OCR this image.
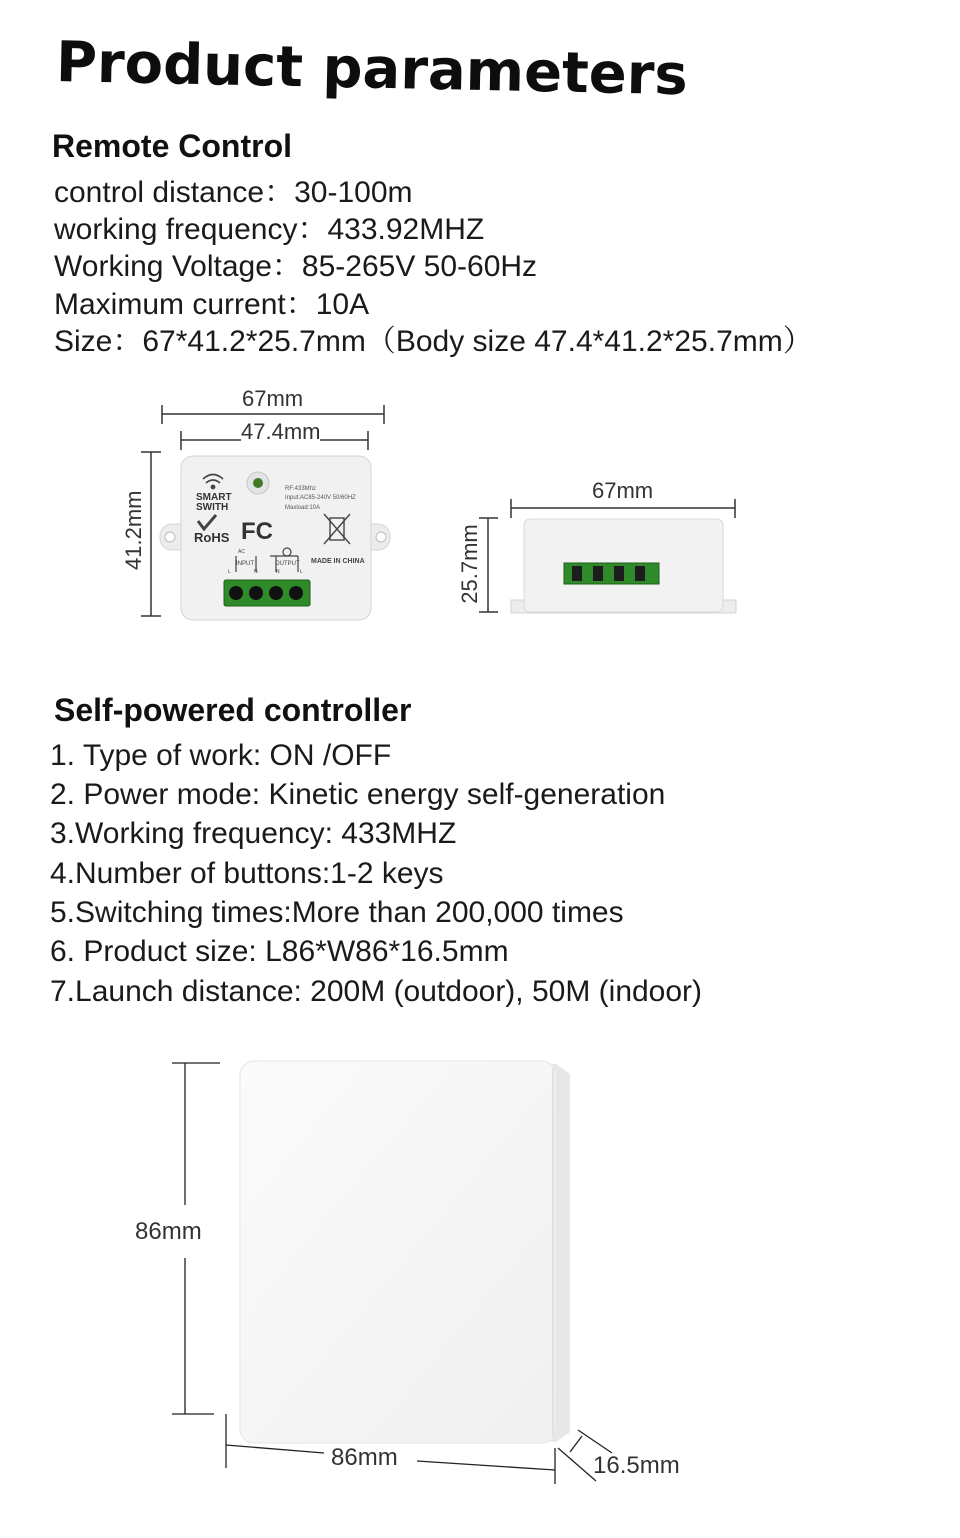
Product parameters
Remote Control
control distance：30-100m
working frequency：433.92MHZ
Working Voltage：85-265V 50-60Hz
Maximum current：10A
Size：67*41.2*25.7mm（Body size 47.4*41.2*25.7mm）
67mm
47.4mm
41.2mm	SMART
SWITH
RoHS FC
RF:433Mhz
Input:AC85-240V 50/60HZ
Maxload:10A
MADE IN CHINA
AC
INPUT	OUTPUT
L	N	N	L
67mm
25.7mm
Self-powered controller
1. Type of work: ON /OFF
2. Power mode: Kinetic energy self-generation
3.Working frequency: 433MHZ
4.Number of buttons:1-2 keys
5.Switching times:More than 200,000 times
6. Product size: L86*W86*16.5mm
7.Launch distance: 200M (outdoor), 50M (indoor)
86mm
86mm	16.5mm
